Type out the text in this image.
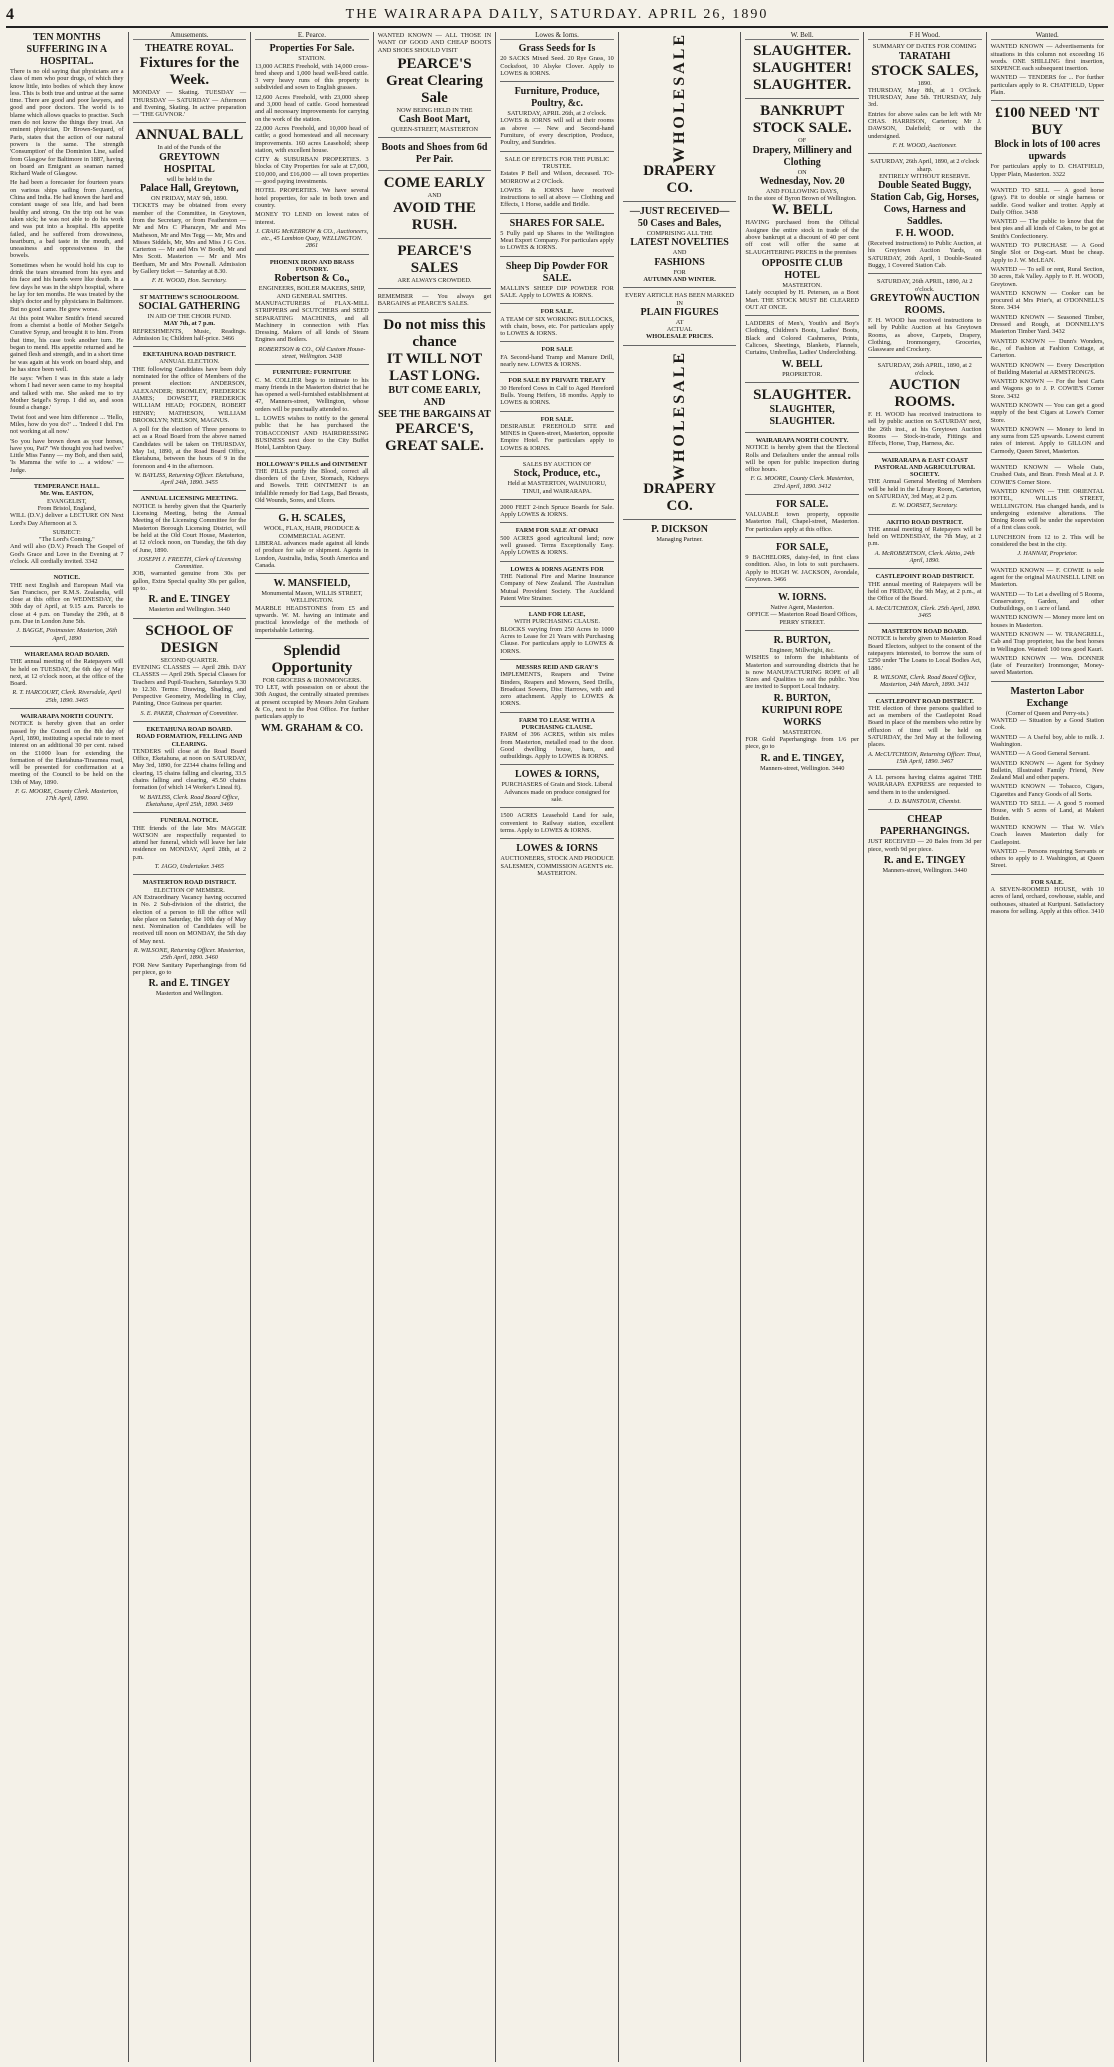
4	THE WAIRARAPA DAILY, SATURDAY. APRIL 26, 1890
TEN MONTHS SUFFERING IN A HOSPITAL.

There is no old saying that physicians are a class of men who pour drugs, of which they know little, into bodies of which they know less. This is both true and untrue at the same time. There are good and poor lawyers, and good and poor doctors. The world is to blame which allows quacks to practise. Such men do not know the things they treat. An eminent physician, Dr Brown-Sequard, of Paris, states that the action of our natural powers is the same. The strength 'Consumption' of the Dominion Line, sailed from Glasgow for Baltimore in 1887, having on board an Emigrant as seaman named Richard Wade of Glasgow.

He had been a forecaster for fourteen years on various ships sailing from America, China and India. He had known the hard and constant usage of sea life, and had been healthy and strong. On the trip out he was taken sick; he was not able to do his work and was put into a hospital. His appetite failed, and he suffered from drowsiness, heartburn, a bad taste in the mouth, and uneasiness and oppressiveness in the bowels.

Sometimes when he would hold his cup to drink the tears streamed from his eyes and his face and his hands were like death. In a few days he was in the ship's hospital, where he lay for ten months. He was treated by the ship's doctor and by physicians in Baltimore. But no good came. He grew worse.

At this point Walter Smith's friend secured from a chemist a bottle of Mother Seigel's Curative Syrup, and brought it to him. From that time, his case took another turn. He began to mend. His appetite returned and he gained flesh and strength, and in a short time he was again at his work on board ship, and he has since been well.

He says: 'When I was in this state a lady whom I had never seen came to my hospital and talked with me. She asked me to try Mother Seigel's Syrup. I did so, and soon found a change.'

Twist foot and wee him difference ... 'Hello, Miles, how do you do?' ... 'Indeed I did. I'm not working at all now.'

'So you have brown down as your horses, have you, Pat?' 'We thought you had twelve.' Little Miss Fanny — my Bob, and then said, 'Is Mamma the wife to ... a widow.' — Judge.

TEMPERANCE HALL.
Mr. Wm. EASTON,
EVANGELIST,
From Bristol, England,

WILL (D.V.) deliver a LECTURE ON Next Lord's Day Afternoon at 3.

SUBJECT:
"The Lord's Coming."

And will also (D.V.) Preach The Gospel of God's Grace and Love in the Evening at 7 o'clock. All cordially invited. 3342

NOTICE.

THE next English and European Mail via San Francisco, per R.M.S. Zealandia, will close at this office on WEDNESDAY, the 30th day of April, at 9.15 a.m. Parcels to close at 4 p.m. on Tuesday the 29th, at 8 p.m. Due in London June 5th.

J. BAGGE, Postmaster. Masterton, 26th April, 1890
WHAREAMA ROAD BOARD.

THE annual meeting of the Ratepayers will be held on TUESDAY, the 6th day of May next, at 12 o'clock noon, at the office of the Board.

R. T. HARCOURT, Clerk. Riversdale, April 25th, 1890. 3465
WAIRARAPA NORTH COUNTY.

NOTICE is hereby given that an order passed by the Council on the 8th day of April, 1890, instituting a special rate to meet interest on an additional 30 per cent. raised on the £1000 loan for extending the formation of the Eketahuna-Tiraumea road, will be presented for confirmation at a meeting of the Council to be held on the 13th of May, 1890.

F. G. MOORE, County Clerk. Masterton, 17th April, 1890.
Amusements.
THEATRE ROYAL.
Fixtures for the Week.

MONDAY — Skating. TUESDAY — THURSDAY — SATURDAY — Afternoon and Evening, Skating. In active preparation — 'THE GUVNOR.'

ANNUAL BALL
In aid of the Funds of the
GREYTOWN HOSPITAL
will be held in the
Palace Hall, Greytown,
ON FRIDAY, MAY 9th, 1890.

TICKETS may be obtained from every member of the Committee, in Greytown, from the Secretary, or from Featherston — Mr and Mrs C Pharazyn, Mr and Mrs Matheson, Mr and Mrs Tegg — Mr, Mrs and Misses Siddels, Mr, Mrs and Miss J G Cox. Carterton — Mr and Mrs W Booth, Mr and Mrs Scott. Masterton — Mr and Mrs Beetham, Mr and Mrs Pownall. Admission by Gallery ticket — Saturday at 8.30.

F. H. WOOD, Hon. Secretary.
ST MATTHEW'S SCHOOLROOM.
SOCIAL GATHERING
IN AID OF THE CHOIR FUND.
MAY 7th, at 7 p.m.

REFRESHMENTS, Music, Readings. Admission 1s; Children half-price. 3466

EKETAHUNA ROAD DISTRICT.
ANNUAL ELECTION.

THE following Candidates have been duly nominated for the office of Members of the present election: ANDERSON, ALEXANDER; BROMLEY, FREDERICK JAMES; DOWSETT, FREDERICK WILLIAM HEAD; FOGDEN, ROBERT HENRY; MATHESON, WILLIAM BROOKLYN; NEILSON, MAGNUS.

A poll for the election of Three persons to act as a Road Board from the above named Candidates will be taken on THURSDAY, May 1st, 1890, at the Road Board Office, Eketahuna, between the hours of 9 in the forenoon and 4 in the afternoon.

W. BAYLISS, Returning Officer. Eketahuna, April 24th, 1890. 3455
ANNUAL LICENSING MEETING.

NOTICE is hereby given that the Quarterly Licensing Meeting, being the Annual Meeting of the Licensing Committee for the Masterton Borough Licensing District, will be held at the Old Court House, Masterton, at 12 o'clock noon, on Tuesday, the 6th day of June, 1890.

JOSEPH J. FREETH, Clerk of Licensing Committee.

JOB, warranted genuine from 30s per gallon, Extra Special quality 30s per gallon, up to.

R. and E. TINGEY
Masterton and Wellington. 3440
SCHOOL OF DESIGN
SECOND QUARTER.

EVENING CLASSES — April 28th. DAY CLASSES — April 29th. Special Classes for Teachers and Pupil-Teachers, Saturdays 9.30 to 12.30. Terms: Drawing, Shading, and Perspective Geometry, Modelling in Clay, Painting, Once Guineas per quarter.

S. E. PAKER, Chairman of Committee.
EKETAHUNA ROAD BOARD.
ROAD FORMATION, FELLING AND CLEARING.

TENDERS will close at the Road Board Office, Eketahuna, at noon on SATURDAY, May 3rd, 1890, for 22344 chains felling and clearing, 15 chains falling and clearing, 33.5 chains falling and clearing, 45.50 chains formation (of which 14 Worker's Lineal ft).

W. BAYLISS, Clerk. Road Board Office, Eketahuna, April 25th, 1890. 3469
FUNERAL NOTICE.

THE friends of the late Mrs MAGGIE WATSON are respectfully requested to attend her funeral, which will leave her late residence on MONDAY, April 28th, at 2 p.m.

T. JAGO, Undertaker. 3465
MASTERTON ROAD DISTRICT.
ELECTION OF MEMBER.

AN Extraordinary Vacancy having occurred in No. 2 Sub-division of the district, the election of a person to fill the office will take place on Saturday, the 10th day of May next. Nomination of Candidates will be received till noon on MONDAY, the 5th day of May next.

R. WILSONE, Returning Officer. Masterton, 25th April, 1890. 3460

FOR New Sanitary Paperhangings from 6d per piece, go to

R. and E. TINGEY
Masterton and Wellington.
E. Pearce.
Properties For Sale.
STATION.

13,000 ACRES Freehold, with 14,000 cross-bred sheep and 1,000 head well-bred cattle. 3 very heavy runs of this property is subdivided and sown to English grasses.

12,600 Acres Freehold, with 23,000 sheep and 3,000 head of cattle. Good homestead and all necessary improvements for carrying on the work of the station.

22,000 Acres Freehold, and 10,000 head of cattle; a good homestead and all necessary improvements. 160 acres Leasehold; sheep station, with excellent house.

CITY & SUBURBAN PROPERTIES. 3 blocks of City Properties for sale at £7,000, £10,000, and £16,000 — all town properties — good paying investments.

HOTEL PROPERTIES. We have several hotel properties, for sale in both town and country.

MONEY TO LEND on lowest rates of interest.

J. CRAIG McKERROW & CO., Auctioneers, etc., 45 Lambton Quay, WELLINGTON. 2861
PHOENIX IRON AND BRASS FOUNDRY.
Robertson & Co.,
ENGINEERS, BOILER MAKERS, SHIP, AND GENERAL SMITHS.

MANUFACTURERS of FLAX-MILL STRIPPERS and SCUTCHERS and SEED SEPARATING MACHINES, and all Machinery in connection with Flax Dressing. Makers of all kinds of Steam Engines and Boilers.

ROBERTSON & CO., Old Custom House-street, Wellington. 3438
FURNITURE: FURNITURE

C. M. COLLIER begs to intimate to his many friends in the Masterton district that he has opened a well-furnished establishment at 47, Manners-street, Wellington, whose orders will be punctually attended to.

L. LOWES wishes to notify to the general public that he has purchased the TOBACCONIST AND HAIRDRESSING BUSINESS next door to the City Buffet Hotel, Lambton Quay.

HOLLOWAY'S PILLS and OINTMENT

THE PILLS purify the Blood, correct all disorders of the Liver, Stomach, Kidneys and Bowels. THE OINTMENT is an infallible remedy for Bad Legs, Bad Breasts, Old Wounds, Sores, and Ulcers.

G. H. SCALES,
WOOL, FLAX, HAIR, PRODUCE & COMMERCIAL AGENT.

LIBERAL advances made against all kinds of produce for sale or shipment. Agents in London, Australia, India, South America and Canada.

W. MANSFIELD,
Monumental Mason, WILLIS STREET, WELLINGTON.

MARBLE HEADSTONES from £5 and upwards. W. M. having an intimate and practical knowledge of the methods of imperishable Lettering.

Splendid Opportunity
FOR GROCERS & IRONMONGERS.

TO LET, with possession on or about the 30th August, the centrally situated premises at present occupied by Messrs John Graham & Co., next to the Post Office. For further particulars apply to

WM. GRAHAM & CO.

WANTED KNOWN — ALL THOSE IN WANT OF GOOD AND CHEAP BOOTS AND SHOES SHOULD VISIT

PEARCE'S
Great Clearing Sale
NOW BEING HELD IN THE
Cash Boot Mart,
QUEEN-STREET, MASTERTON
Boots and Shoes from 6d Per Pair.
COME EARLY
AND
AVOID THE RUSH.
PEARCE'S SALES
ARE ALWAYS CROWDED.

REMEMBER — You always get BARGAINS at PEARCE'S SALES.

Do not miss this chance
IT WILL NOT LAST LONG.
BUT COME EARLY, AND
SEE THE BARGAINS AT
PEARCE'S,
GREAT SALE.
Lowes & Iorns.
Grass Seeds for Is

20 SACKS Mixed Seed. 20 Rye Grass, 10 Cocksfoot, 10 Alsyke Clover. Apply to LOWES & IORNS.

Furniture, Produce, Poultry, &c.
SATURDAY, APRIL 26th, at 2 o'clock.

LOWES & IORNS will sell at their rooms as above — New and Second-hand Furniture, of every description, Produce, Poultry, and Sundries.

SALE OF EFFECTS FOR THE PUBLIC TRUSTEE.

Estates P Bell and Wilson, deceased. TO-MORROW at 2 O'Clock.

LOWES & IORNS have received instructions to sell at above — Clothing and Effects, 1 Horse, saddle and Bridle.

SHARES FOR SALE.

5 Fully paid up Shares in the Wellington Meat Export Company. For particulars apply to LOWES & IORNS.

Sheep Dip Powder FOR SALE.

MALLIN'S SHEEP DIP POWDER FOR SALE. Apply to LOWES & IORNS.

FOR SALE.

A TEAM OF SIX WORKING BULLOCKS, with chain, bows, etc. For particulars apply to LOWES & IORNS.

FOR SALE

FA Second-hand Tramp and Manure Drill, nearly new. LOWES & IORNS.

FOR SALE BY PRIVATE TREATY

30 Hereford Cows in Calf to Aged Hereford Bulls. Young Heifers, 18 months. Apply to LOWES & IORNS.

FOR SALE.

DESIRABLE FREEHOLD SITE and MINES in Queen-street, Masterton, opposite Empire Hotel. For particulars apply to LOWES & IORNS.

SALES BY AUCTION OF
Stock, Produce, etc.,
Held at MASTERTON, WAINUIORU, TINUI, and WAIRARAPA.

2000 FEET 2-inch Spruce Boards for Sale. Apply LOWES & IORNS.

FARM FOR SALE AT OPAKI

500 ACRES good agricultural land; now well grassed. Terms Exceptionally Easy. Apply LOWES & IORNS.

LOWES & IORNS AGENTS FOR

THE National Fire and Marine Insurance Company of New Zealand. The Australian Mutual Provident Society. The Auckland Patent Wire Strainer.

LAND FOR LEASE,
WITH PURCHASING CLAUSE.

BLOCKS varying from 250 Acres to 1000 Acres to Lease for 21 Years with Purchasing Clause. For particulars apply to LOWES & IORNS.

MESSRS REID AND GRAY'S

IMPLEMENTS, Reapers and Twine Binders, Reapers and Mowers, Seed Drills, Broadcast Sowers, Disc Harrows, with and zero attachment. Apply to LOWES & IORNS.

FARM TO LEASE WITH A PURCHASING CLAUSE.

FARM of 396 ACRES, within six miles from Masterton, metalled road to the door. Good dwelling house, barn, and outbuildings. Apply to LOWES & IORNS.

LOWES & IORNS,
PURCHASERS of Grain and Stock. Liberal Advances made on produce consigned for sale.

1500 ACRES Leasehold Land for sale, convenient to Railway station, excellent terms. Apply to LOWES & IORNS.

LOWES & IORNS
AUCTIONEERS, STOCK AND PRODUCE SALESMEN, COMMISSION AGENTS etc. MASTERTON.
WHOLESALE
DRAPERY
CO.
—JUST RECEIVED—
50 Cases and Bales,
COMPRISING ALL THE
LATEST NOVELTIES
AND
FASHIONS
FOR
AUTUMN AND WINTER.
EVERY ARTICLE HAS BEEN MARKED IN
PLAIN FIGURES
AT
ACTUAL
WHOLESALE PRICES.
WHOLESALE
DRAPERY
CO.
P. DICKSON
Managing Partner.
W. Bell.
SLAUGHTER.
SLAUGHTER!
SLAUGHTER.
BANKRUPT
STOCK SALE.
OF
Drapery, Millinery and Clothing
ON
Wednesday, Nov. 20
AND FOLLOWING DAYS,
In the store of Byron Brown of Wellington.
W. BELL

HAVING purchased from the Official Assignee the entire stock in trade of the above bankrupt at a discount of 40 per cent off cost will offer the same at SLAUGHTERING PRICES in the premises

OPPOSITE CLUB HOTEL
MASTERTON.

Lately occupied by H. Petersen, as a Boot Mart. THE STOCK MUST BE CLEARED OUT AT ONCE.

LADDERS of Men's, Youth's and Boy's Clothing, Children's Boots, Ladies' Boots, Black and Colored Cashmeres, Prints, Calicoes, Sheetings, Blankets, Flannels, Curtains, Umbrellas, Ladies' Underclothing.

W. BELL
PROPRIETOR.
SLAUGHTER.
SLAUGHTER, SLAUGHTER.
WAIRARAPA NORTH COUNTY.

NOTICE is hereby given that the Electoral Rolls and Defaulters under the annual rolls will be open for public inspection during office hours.

F. G. MOORE, County Clerk. Masterton, 23rd April, 1890. 3412
FOR SALE.

VALUABLE town property, opposite Masterton Hall, Chapel-street, Masterton. For particulars apply at this office.

FOR SALE,

9 BACHELORS, daisy-fed, in first class condition. Also, in lots to suit purchasers. Apply to HUGH W. JACKSON, Avondale, Greytown. 3466

W. IORNS.
Native Agent, Masterton.
OFFICE — Masterton Road Board Offices, PERRY STREET.
R. BURTON,
Engineer, Millwright, &c.

WISHES to inform the inhabitants of Masterton and surrounding districts that he is now MANUFACTURING ROPE of all Sizes and Qualities to suit the public. You are invited to Support Local Industry.

R. BURTON,
KURIPUNI ROPE WORKS
MASTERTON.

FOR Gold Paperhangings from 1/6 per piece, go to

R. and E. TINGEY,
Manners-street, Wellington. 3440
F H Wood.
SUMMARY OF DATES FOR COMING
TARATAHI
STOCK SALES,
1890.

THURSDAY, May 8th, at 1 O'Clock. THURSDAY, June 5th. THURSDAY, July 3rd.

Entries for above sales can be left with Mr CHAS. HARRISON, Carterton; Mr J. DAWSON, Dalefield; or with the undersigned.

F. H. WOOD, Auctioneer.
SATURDAY, 26th April, 1890, at 2 o'clock sharp.
ENTIRELY WITHOUT RESERVE.
Double Seated Buggy, Station Cab, Gig, Horses, Cows, Harness and Saddles.
F. H. WOOD.

(Received instructions) to Public Auction, at his Greytown Auction Yards, on SATURDAY, 26th April, 1 Double-Seated Buggy, 1 Covered Station Cab.

SATURDAY, 26th APRIL, 1890, At 2 o'clock.
GREYTOWN AUCTION ROOMS.

F. H. WOOD has received instructions to sell by Public Auction at his Greytown Rooms, as above, Carpets, Drapery, Clothing, Ironmongery, Groceries, Glassware and Crockery.

SATURDAY, 26th APRIL, 1890, at 2 o'clock.
AUCTION ROOMS.

F. H. WOOD has received instructions to sell by public auction on SATURDAY next, the 26th inst., at his Greytown Auction Rooms — Stock-in-trade, Fittings and Effects, Horse, Trap, Harness, &c.

WAIRARAPA & EAST COAST PASTORAL AND AGRICULTURAL SOCIETY.

THE Annual General Meeting of Members will be held in the Library Room, Carterton, on SATURDAY, 3rd May, at 2 p.m.

E. W. DORSET, Secretary.
AKITIO ROAD DISTRICT.

THE annual meeting of Ratepayers will be held on WEDNESDAY, the 7th May, at 2 p.m.

A. McROBERTSON, Clerk. Akitio, 24th April, 1890.
CASTLEPOINT ROAD DISTRICT.

THE annual meeting of Ratepayers will be held on FRIDAY, the 9th May, at 2 p.m., at the Office of the Board.

A. McCUTCHEON, Clerk. 25th April, 1890. 3465
MASTERTON ROAD BOARD.

NOTICE is hereby given to Masterton Road Board Electors, subject to the consent of the ratepayers interested, to borrow the sum of £250 under 'The Loans to Local Bodies Act, 1886.'

R. WILSONE, Clerk. Road Board Office, Masterton, 24th March, 1890. 3411
CASTLEPOINT ROAD DISTRICT.

THE election of three persons qualified to act as members of the Castlepoint Road Board in place of the members who retire by effluxion of time will be held on SATURDAY, the 3rd May at the following places.

A. McCUTCHEON, Returning Officer. Tinui, 15th April, 1890. 3467

A LL persons having claims against THE WAIRARAPA EXPRESS are requested to send them in to the undersigned.

J. D. BAINSTOUR, Chemist.
CHEAP PAPERHANGINGS.

JUST RECEIVED — 20 Bales from 3d per piece, worth 9d per piece.

R. and E. TINGEY
Manners-street, Wellington. 3440
Wanted.

WANTED KNOWN — Advertisements for situations in this column not exceeding 16 words. ONE SHILLING first insertion, SIXPENCE each subsequent insertion.

WANTED — TENDERS for ... For further particulars apply to R. CHATFIELD, Upper Plain.

£100 NEED 'NT BUY
Block in lots of 100 acres upwards

For particulars apply to D. CHATFIELD, Upper Plain, Masterton. 3322

WANTED TO SELL — A good horse (gray). Fit to double or single harness or saddle. Good walker and trotter. Apply at Daily Office. 3438

WANTED — The public to know that the best pies and all kinds of Cakes, to be got at Smith's Confectionery.

WANTED TO PURCHASE — A Good Single Slot or Dog-cart. Must be cheap. Apply to J. W. McLEAN.

WANTED — To sell or rent, Rural Section, 30 acres, Esk Valley. Apply to F. H. WOOD, Greytown.

WANTED KNOWN — Cooker can be procured at Mrs Prier's, at O'DONNELL'S Store. 3434

WANTED KNOWN — Seasoned Timber, Dressed and Rough, at DONNELLY'S Masterton Timber Yard. 3432

WANTED KNOWN — Dunn's Wonders, &c., of Fashion at Fashion Cottage, at Carterton.

WANTED KNOWN — Every Description of Building Material at ARMSTRONG'S.

WANTED KNOWN — For the best Carts and Wagons go to J. P. COWIE'S Corner Store. 3432

WANTED KNOWN — You can get a good supply of the best Cigars at Lowe's Corner Store.

WANTED KNOWN — Money to lend in any sums from £25 upwards. Lowest current rates of interest. Apply to GILLON and Carmody, Queen Street, Masterton.

WANTED KNOWN — Whole Oats, Crushed Oats, and Bran. Fresh Meal at J. P. COWIE'S Corner Store.

WANTED KNOWN — THE ORIENTAL HOTEL, WILLIS STREET, WELLINGTON. Has changed hands, and is undergoing extensive alterations. The Dining Room will be under the supervision of a first class cook.

LUNCHEON from 12 to 2. This will be considered the best in the city.

J. HANNAY, Proprietor.

WANTED KNOWN — F. COWIE is sole agent for the original MAUNSELL LINE on Masterton.

WANTED — To Let a dwelling of 5 Rooms, Conservatory, Garden, and other Outbuildings, on 1 acre of land.

WANTED KNOWN — Money more lent on houses in Masterton.

WANTED KNOWN — W. TRANGRELL, Cab and Trap proprietor, has the best horses in Wellington. Wanted: 100 tons good Kauri.

WANTED KNOWN — Wm. DONNER (late of Feurzeiter) Ironmonger, Money-saved Masterton.

Masterton Labor Exchange
(Corner of Queen and Perry-sts.)

WANTED — Situation by a Good Station Cook.

WANTED — A Useful boy, able to milk. J. Washington.

WANTED — A Good General Servant.

WANTED KNOWN — Agent for Sydney Bulletin, Illustrated Family Friend, New Zealand Mail and other papers.

WANTED KNOWN — Tobacco, Cigars, Cigarettes and Fancy Goods of all Sorts.

WANTED TO SELL — A good 5 roomed House, with 5 acres of Land, at Makeri Buiden.

WANTED KNOWN — That W. Vile's Coach leaves Masterton daily for Castlepoint.

WANTED — Persons requiring Servants or others to apply to J. Washington, at Queen Street.

FOR SALE.

A SEVEN-ROOMED HOUSE, with 10 acres of land, orchard, cowhouse, stable, and outhouses, situated at Kuripuni. Satisfactory reasons for selling. Apply at this office. 3410
